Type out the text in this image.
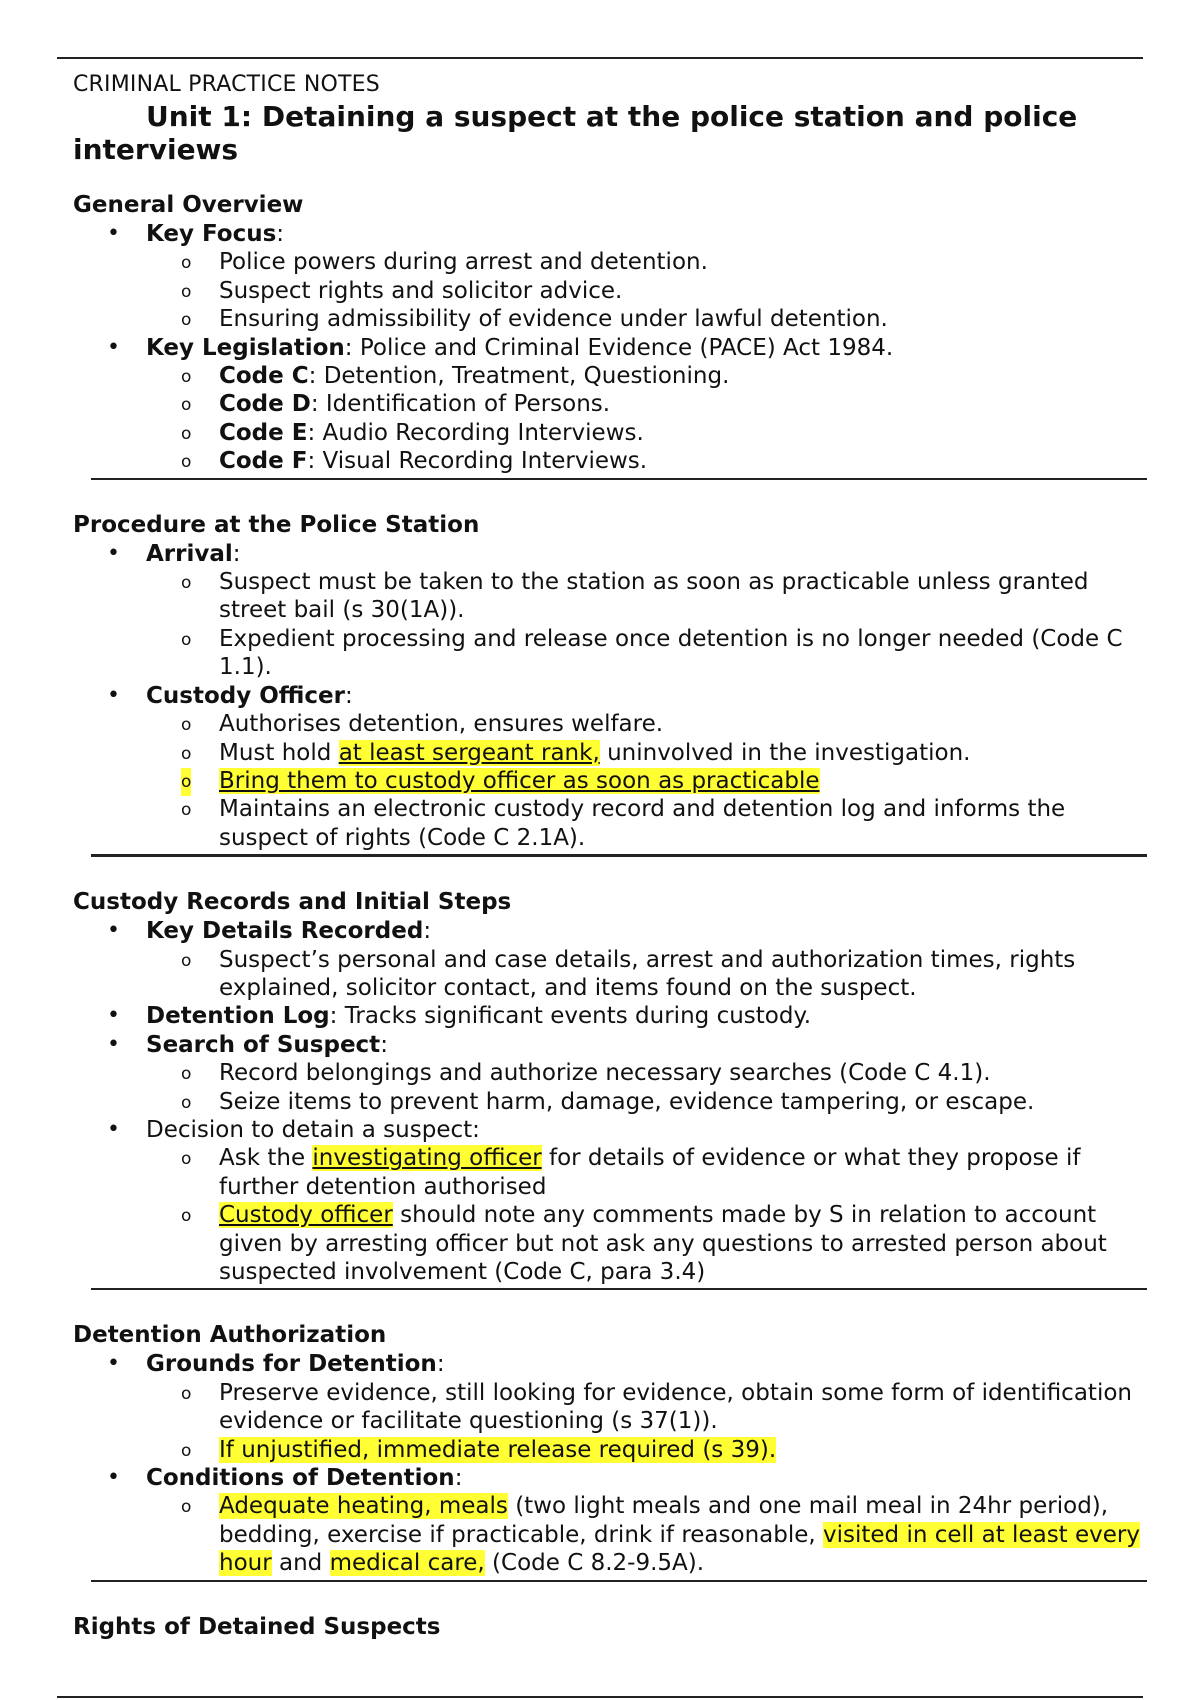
CRIMINAL PRACTICE NOTES
Unit 1: Detaining a suspect at the police station and police interviews
General Overview
• Key Focus:
o Police powers during arrest and detention.
o Suspect rights and solicitor advice.
o Ensuring admissibility of evidence under lawful detention.
• Key Legislation: Police and Criminal Evidence (PACE) Act 1984.
o Code C: Detention, Treatment, Questioning.
o Code D: Identification of Persons.
o Code E: Audio Recording Interviews.
o Code F: Visual Recording Interviews.
Procedure at the Police Station
• Arrival:
o Suspect must be taken to the station as soon as practicable unless granted street bail (s 30(1A)).
o Expedient processing and release once detention is no longer needed (Code C 1.1).
• Custody Officer:
o Authorises detention, ensures welfare.
o Must hold at least sergeant rank, uninvolved in the investigation.
o Bring them to custody officer as soon as practicable
o Maintains an electronic custody record and detention log and informs the suspect of rights (Code C 2.1A).
Custody Records and Initial Steps
• Key Details Recorded:
o Suspect’s personal and case details, arrest and authorization times, rights explained, solicitor contact, and items found on the suspect.
• Detention Log: Tracks significant events during custody.
• Search of Suspect:
o Record belongings and authorize necessary searches (Code C 4.1).
o Seize items to prevent harm, damage, evidence tampering, or escape.
• Decision to detain a suspect:
o Ask the investigating officer for details of evidence or what they propose if further detention authorised
o Custody officer should note any comments made by S in relation to account given by arresting officer but not ask any questions to arrested person about suspected involvement (Code C, para 3.4)
Detention Authorization
• Grounds for Detention:
o Preserve evidence, still looking for evidence, obtain some form of identification evidence or facilitate questioning (s 37(1)).
o If unjustified, immediate release required (s 39).
• Conditions of Detention:
o Adequate heating, meals (two light meals and one mail meal in 24hr period), bedding, exercise if practicable, drink if reasonable, visited in cell at least every hour and medical care, (Code C 8.2-9.5A).
Rights of Detained Suspects
